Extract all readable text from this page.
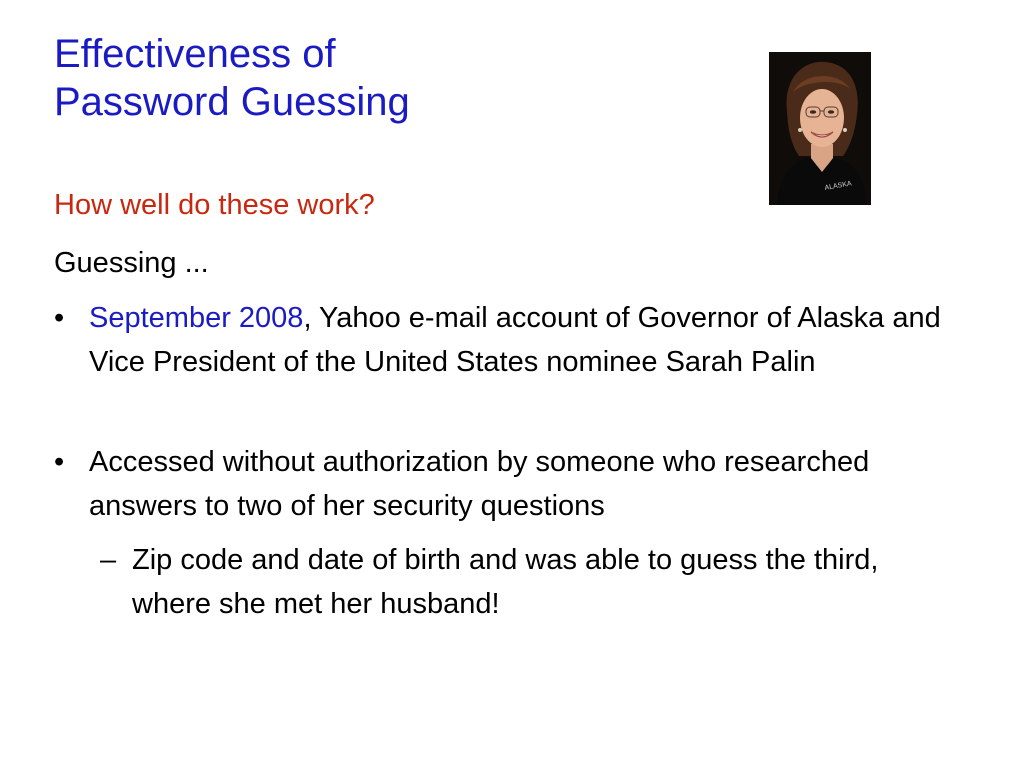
Effectiveness of
Password Guessing
ALASKA
How well do these work?
Guessing ...
• September 2008, Yahoo e-mail account of Governor of Alaska and Vice President of the United States nominee Sarah Palin
• Accessed without authorization by someone who researched answers to two of her security questions
– Zip code and date of birth and was able to guess the third, where she met her husband!
